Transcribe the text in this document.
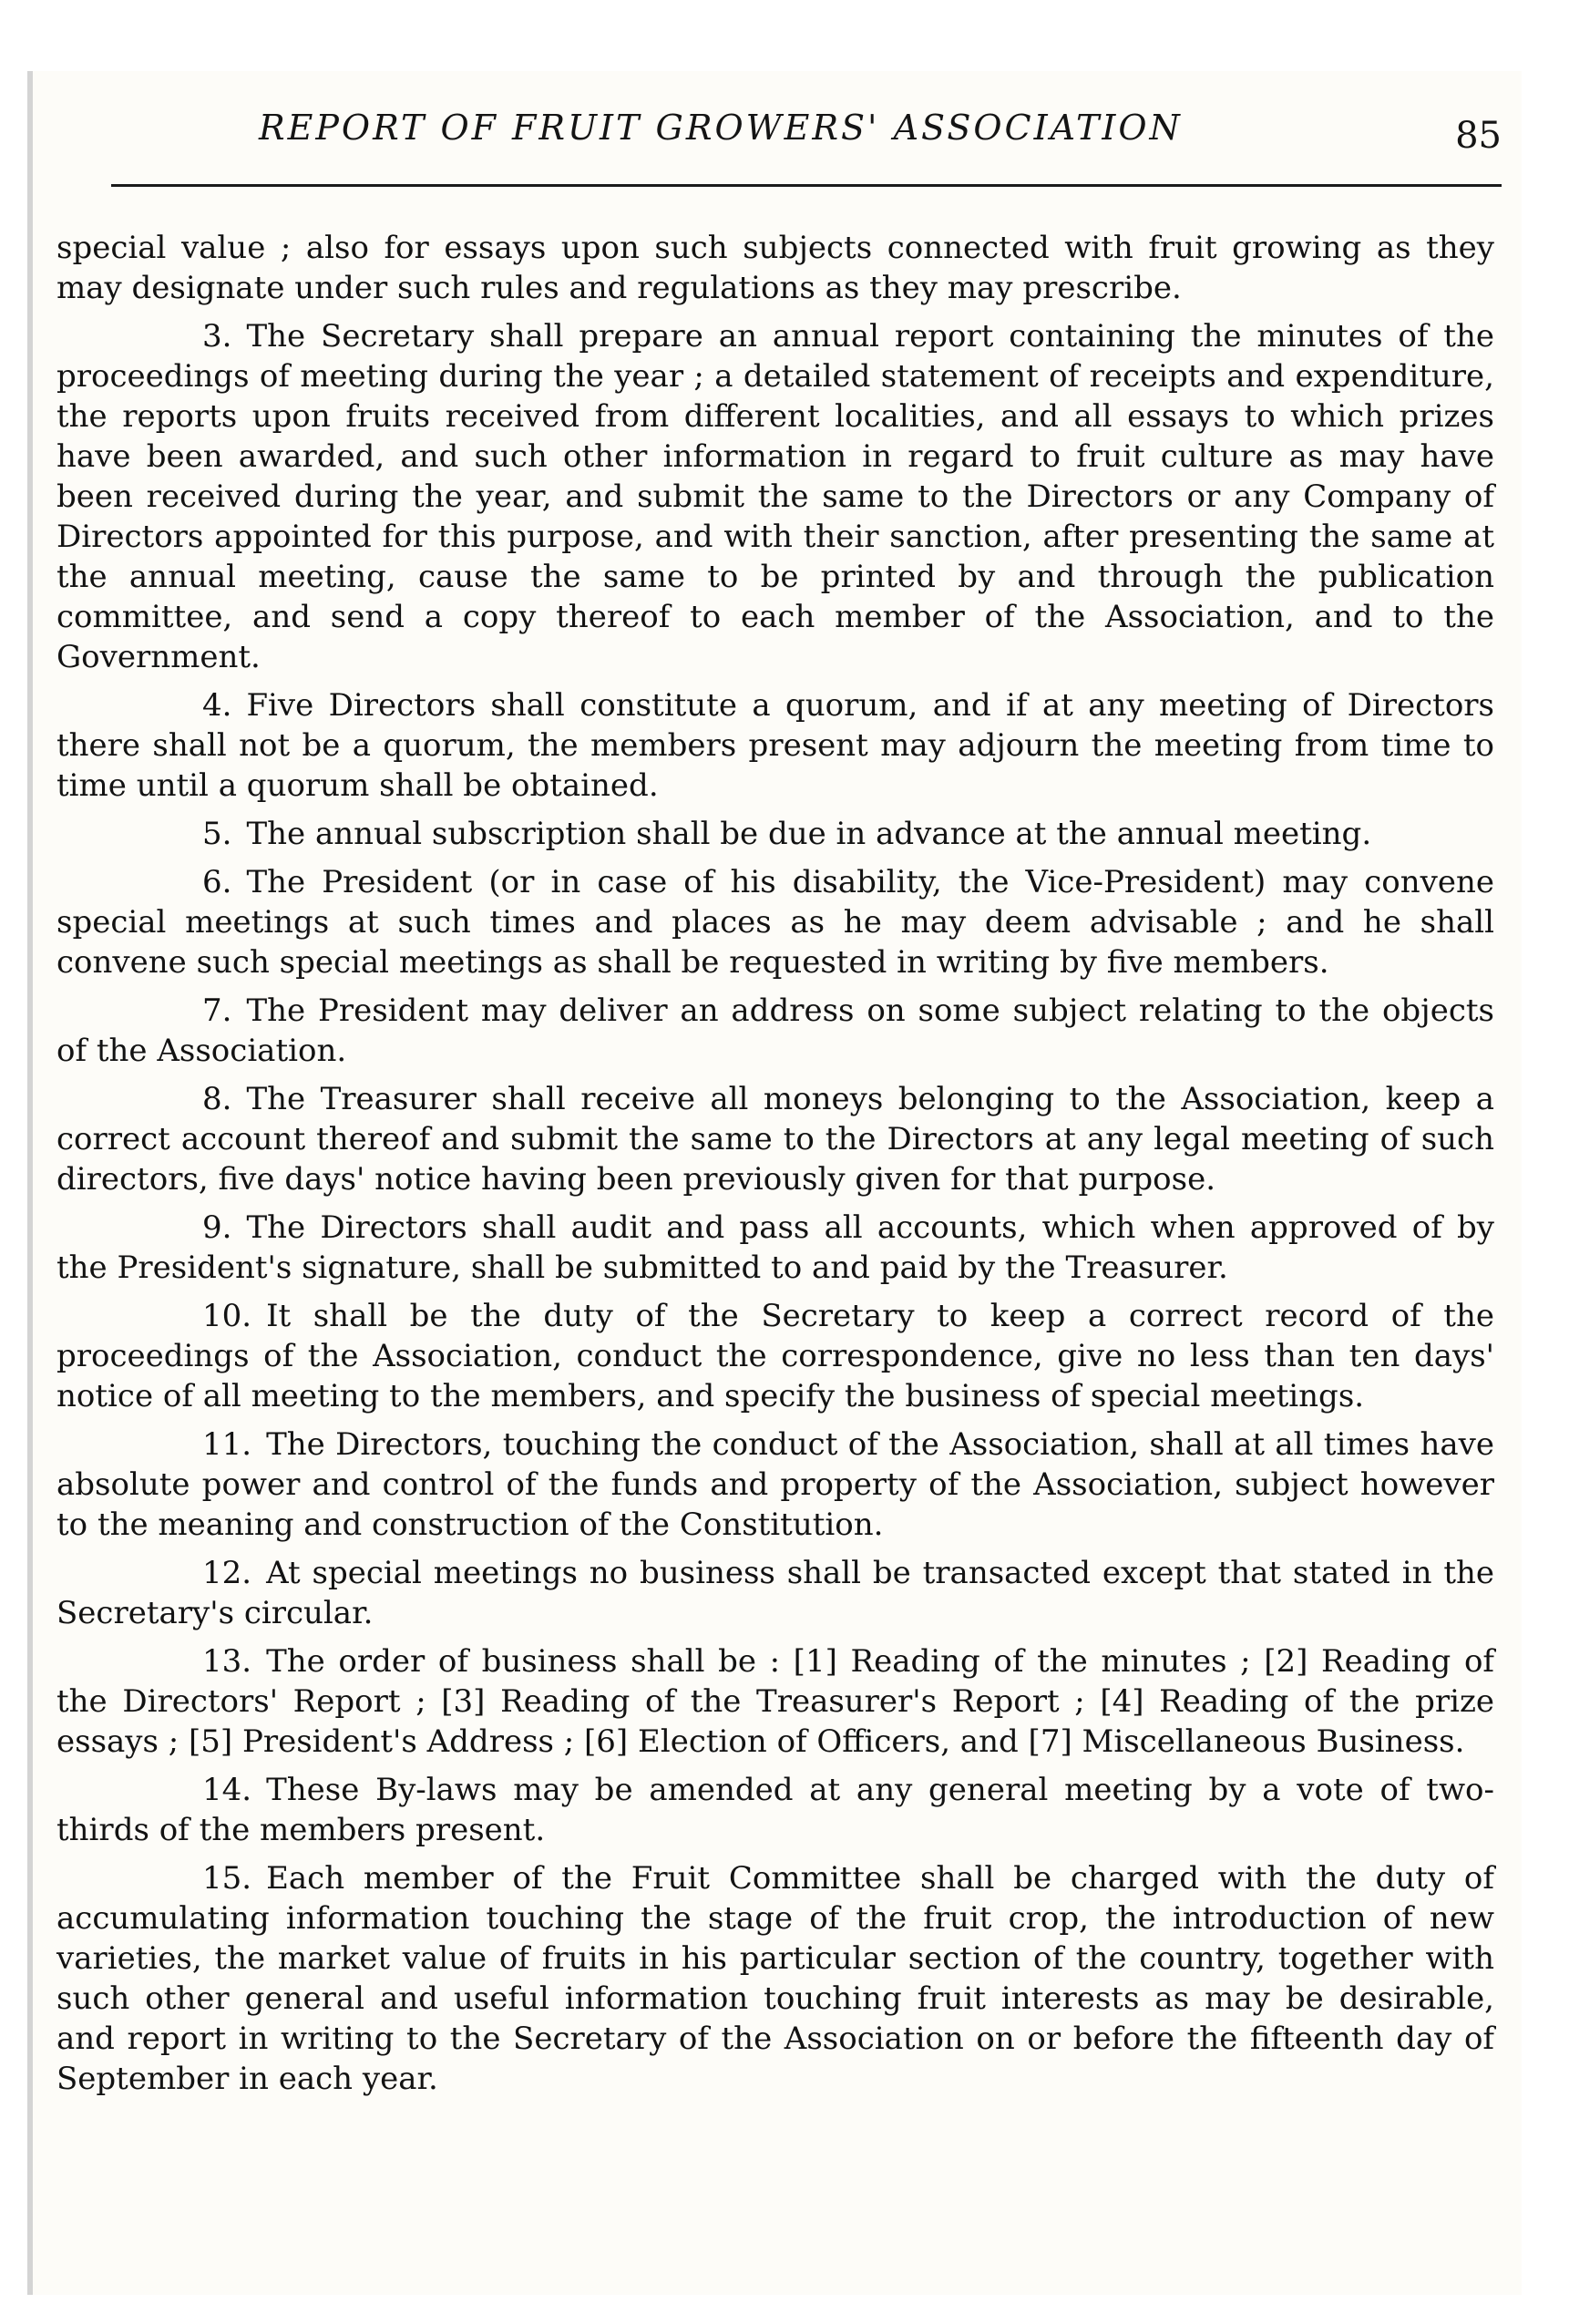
REPORT OF FRUIT GROWERS' ASSOCIATION	85

special value ; also for essays upon such subjects connected with fruit growing as they may designate under such rules and regulations as they may prescribe.

3. The Secretary shall prepare an annual report containing the minutes of the proceedings of meeting during the year ; a detailed statement of receipts and expenditure, the reports upon fruits received from different localities, and all essays to which prizes have been awarded, and such other information in regard to fruit culture as may have been received during the year, and submit the same to the Directors or any Company of Directors appointed for this purpose, and with their sanction, after presenting the same at the annual meeting, cause the same to be printed by and through the publication committee, and send a copy thereof to each member of the Association, and to the Government.

4. Five Directors shall constitute a quorum, and if at any meeting of Directors there shall not be a quorum, the members present may adjourn the meeting from time to time until a quorum shall be obtained.

5. The annual subscription shall be due in advance at the annual meeting.

6. The President (or in case of his disability, the Vice-President) may convene special meetings at such times and places as he may deem advisable ; and he shall convene such special meetings as shall be requested in writing by five members.

7. The President may deliver an address on some subject relating to the objects of the Association.

8. The Treasurer shall receive all moneys belonging to the Association, keep a correct account thereof and submit the same to the Directors at any legal meeting of such directors, five days' notice having been previously given for that purpose.

9. The Directors shall audit and pass all accounts, which when approved of by the President's signature, shall be submitted to and paid by the Treasurer.

10. It shall be the duty of the Secretary to keep a correct record of the proceedings of the Association, conduct the correspondence, give no less than ten days' notice of all meeting to the members, and specify the business of special meetings.

11. The Directors, touching the conduct of the Association, shall at all times have absolute power and control of the funds and property of the Association, subject however to the meaning and construction of the Constitution.

12. At special meetings no business shall be transacted except that stated in the Secretary's circular.

13. The order of business shall be : [1] Reading of the minutes ; [2] Reading of the Directors' Report ; [3] Reading of the Treasurer's Report ; [4] Reading of the prize essays ; [5] President's Address ; [6] Election of Officers, and [7] Miscellaneous Business.

14. These By-laws may be amended at any general meeting by a vote of two-thirds of the members present.

15. Each member of the Fruit Committee shall be charged with the duty of accumulating information touching the stage of the fruit crop, the introduction of new varieties, the market value of fruits in his particular section of the country, together with such other general and useful information touching fruit interests as may be desirable, and report in writing to the Secretary of the Association on or before the fifteenth day of September in each year.
